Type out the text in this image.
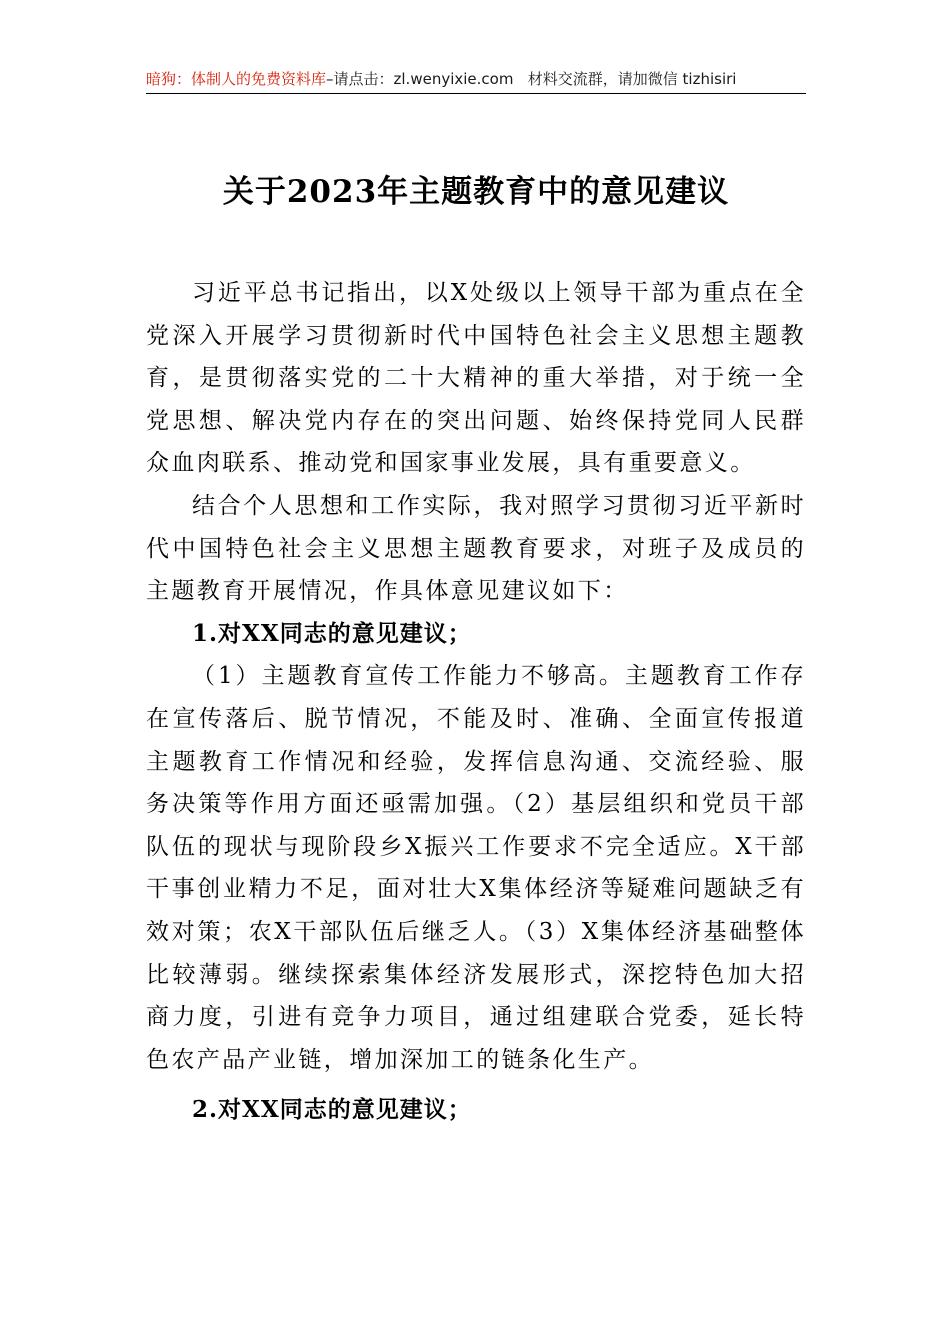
暗狗：体制人的免费资料库–请点击：zl.wenyixie.com 材料交流群，请加微信 tizhisiri
关于2023年主题教育中的意见建议

习近平总书记指出，以X处级以上领导干部为重点在全党深入开展学习贯彻新时代中国特色社会主义思想主题教育，是贯彻落实党的二十大精神的重大举措，对于统一全党思想、解决党内存在的突出问题、始终保持党同人民群众血肉联系、推动党和国家事业发展，具有重要意义。

结合个人思想和工作实际，我对照学习贯彻习近平新时代中国特色社会主义思想主题教育要求，对班子及成员的主题教育开展情况，作具体意见建议如下：

1.对XX同志的意见建议；

（1）主题教育宣传工作能力不够高。主题教育工作存在宣传落后、脱节情况，不能及时、准确、全面宣传报道主题教育工作情况和经验，发挥信息沟通、交流经验、服务决策等作用方面还亟需加强。（2）基层组织和党员干部队伍的现状与现阶段乡X振兴工作要求不完全适应。X干部干事创业精力不足，面对壮大X集体经济等疑难问题缺乏有效对策；农X干部队伍后继乏人。（3）X集体经济基础整体比较薄弱。继续探索集体经济发展形式，深挖特色加大招商力度，引进有竞争力项目，通过组建联合党委，延长特色农产品产业链，增加深加工的链条化生产。

2.对XX同志的意见建议；
